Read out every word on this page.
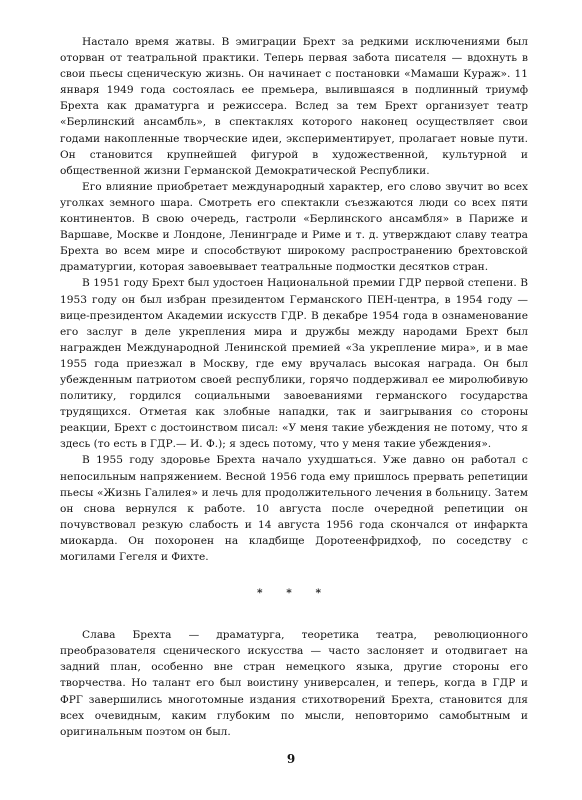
Настало время жатвы. В эмиграции Брехт за редкими исключениями был оторван от театральной практики. Теперь первая забота писателя — вдохнуть в свои пьесы сценическую жизнь. Он начинает с постановки «Мамаши Кураж». 11 января 1949 года состоялась ее премьера, вылившаяся в подлинный триумф Брехта как драматурга и режиссера. Вслед за тем Брехт организует театр «Берлинский ансамбль», в спектаклях которого наконец осуществляет свои годами накопленные творческие идеи, экспериментирует, пролагает новые пути. Он становится крупнейшей фигурой в художественной, культурной и общественной жизни Германской Демократической Республики.

Его влияние приобретает международный характер, его слово звучит во всех уголках земного шара. Смотреть его спектакли съезжаются люди со всех пяти континентов. В свою очередь, гастроли «Берлинского ансамбля» в Париже и Варшаве, Москве и Лондоне, Ленинграде и Риме и т. д. утверждают славу театра Брехта во всем мире и способствуют широкому распространению брехтовской драматургии, которая завоевывает театральные подмостки десятков стран.

В 1951 году Брехт был удостоен Национальной премии ГДР первой степени. В 1953 году он был избран президентом Германского ПЕН-центра, в 1954 году — вице-президентом Академии искусств ГДР. В декабре 1954 года в ознаменование его заслуг в деле укрепления мира и дружбы между народами Брехт был награжден Международной Ленинской премией «За укрепление мира», и в мае 1955 года приезжал в Москву, где ему вручалась высокая награда. Он был убежденным патриотом своей республики, горячо поддерживал ее миролюбивую политику, гордился социальными завоеваниями германского государства трудящихся. Отметая как злобные нападки, так и заигрывания со стороны реакции, Брехт с достоинством писал: «У меня такие убеждения не потому, что я здесь (то есть в ГДР.— И. Ф.); я здесь потому, что у меня такие убеждения».

В 1955 году здоровье Брехта начало ухудшаться. Уже давно он работал с непосильным напряжением. Весной 1956 года ему пришлось прервать репетиции пьесы «Жизнь Галилея» и лечь для продолжительного лечения в больницу. Затем он снова вернулся к работе. 10 августа после очередной репетиции он почувствовал резкую слабость и 14 августа 1956 года скончался от инфаркта миокарда. Он похоронен на кладбище Доротеенфридхоф, по соседству с могилами Гегеля и Фихте.

* * *

Слава Брехта — драматурга, теоретика театра, революционного преобразователя сценического искусства — часто заслоняет и отодвигает на задний план, особенно вне стран немецкого языка, другие стороны его творчества. Но талант его был воистину универсален, и теперь, когда в ГДР и ФРГ завершились многотомные издания стихотворений Брехта, становится для всех очевидным, каким глубоким по мысли, неповторимо самобытным и оригинальным поэтом он был.

9
